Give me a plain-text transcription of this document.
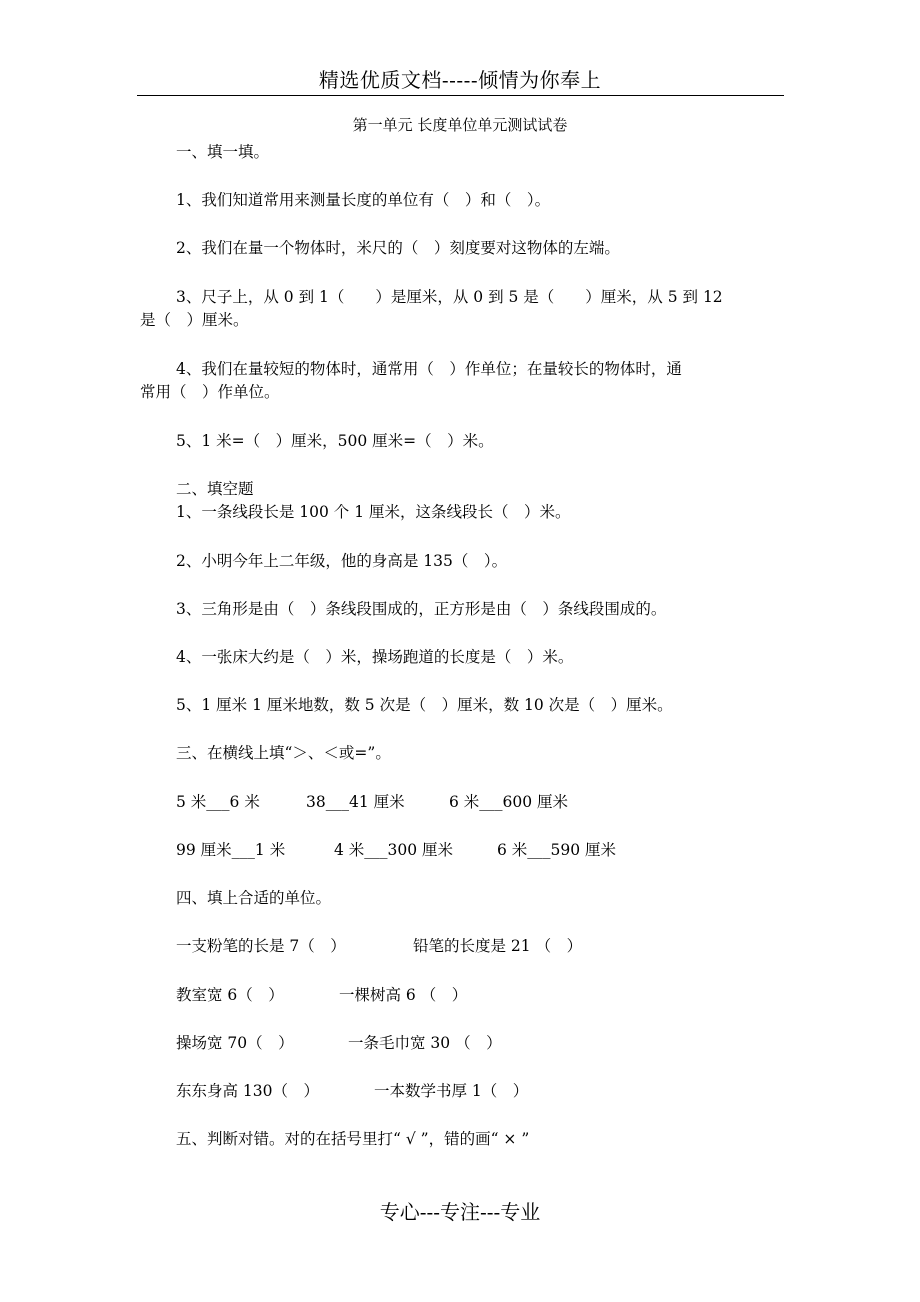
精选优质文档-----倾情为你奉上
第一单元 长度单位单元测试试卷
一、填一填。
1、我们知道常用来测量长度的单位有（　）和（　）。
2、我们在量一个物体时，米尺的（　）刻度要对这物体的左端。
3、尺子上，从 0 到 1（　　）是厘米，从 0 到 5 是（　　）厘米，从 5 到 12
是（　）厘米。
4、我们在量较短的物体时，通常用（　）作单位；在量较长的物体时，通
常用（　）作单位。
5、1 米=（　）厘米，500 厘米=（　）米。
二、填空题
1、一条线段长是 100 个 1 厘米，这条线段长（　）米。
2、小明今年上二年级，他的身高是 135（　）。
3、三角形是由（　）条线段围成的，正方形是由（　）条线段围成的。
4、一张床大约是（　）米，操场跑道的长度是（　）米。
5、1 厘米 1 厘米地数，数 5 次是（　）厘米，数 10 次是（　）厘米。
三、在横线上填“＞、＜或=”。
5 米___6 米	38___41 厘米	6 米___600 厘米
99 厘米___1 米	4 米___300 厘米	6 米___590 厘米
四、填上合适的单位。
一支粉笔的长是 7（　）	铅笔的长度是 21 （　）
教室宽 6（　）	一棵树高 6 （　）
操场宽 70（　）	一条毛巾宽 30 （　）
东东身高 130（　）	一本数学书厚 1（　）
五、判断对错。对的在括号里打“ √ ”，错的画“ × ”
专心---专注---专业
